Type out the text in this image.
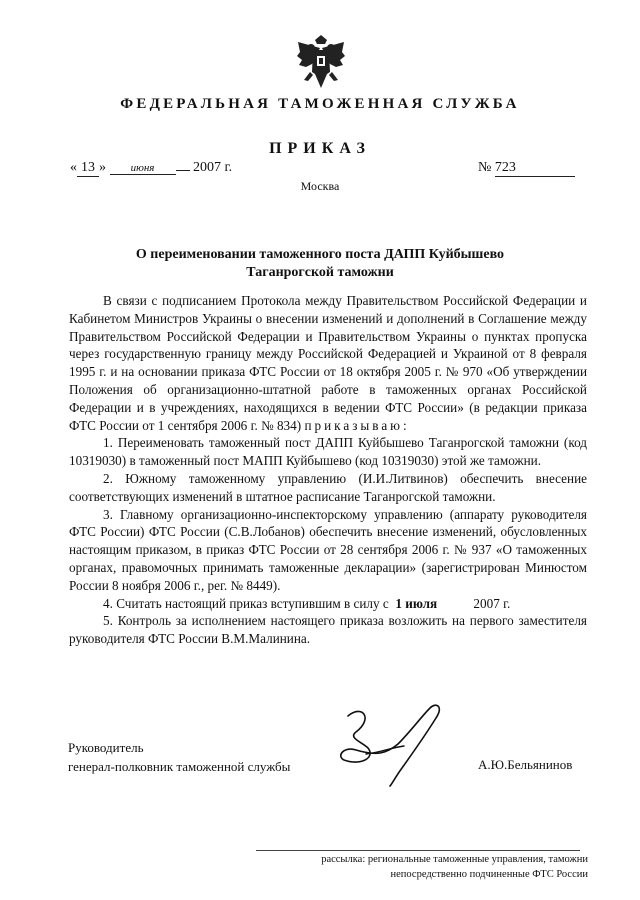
ФЕДЕРАЛЬНАЯ ТАМОЖЕННАЯ СЛУЖБА
ПРИКАЗ
« 13 » июня	2007 г.	№ 723
Москва
О переименовании таможенного поста ДАПП Куйбышево
Таганрогской таможни

В связи с подписанием Протокола между Правительством Российской Федерации и Кабинетом Министров Украины о внесении изменений и дополнений в Соглашение между Правительством Российской Федерации и Правительством Украины о пунктах пропуска через государственную границу между Российской Федерацией и Украиной от 8 февраля 1995 г. и на основании приказа ФТС России от 18 октября 2005 г. № 970 «Об утверждении Положения об организационно-штатной работе в таможенных органах Российской Федерации и в учреждениях, находящихся в ведении ФТС России» (в редакции приказа ФТС России от 1 сентября 2006 г. № 834) приказываю:

1. Переименовать таможенный пост ДАПП Куйбышево Таганрогской таможни (код 10319030) в таможенный пост МАПП Куйбышево (код 10319030) этой же таможни.

2. Южному таможенному управлению (И.И.Литвинов) обеспечить внесение соответствующих изменений в штатное расписание Таганрогской таможни.

3. Главному организационно-инспекторскому управлению (аппарату руководителя ФТС России) ФТС России (С.В.Лобанов) обеспечить внесение изменений, обусловленных настоящим приказом, в приказ ФТС России от 28 сентября 2006 г. № 937 «О таможенных органах, правомочных принимать таможенные декларации» (зарегистрирован Минюстом России 8 ноября 2006 г., рег. № 8449).

4. Считать настоящий приказ вступившим в силу с 1 июля	2007 г.

5. Контроль за исполнением настоящего приказа возложить на первого заместителя руководителя ФТС России В.М.Малинина.

Руководитель
генерал-полковник таможенной службы	А.Ю.Бельянинов
рассылка: региональные таможенные управления, таможни
непосредственно подчиненные ФТС России
